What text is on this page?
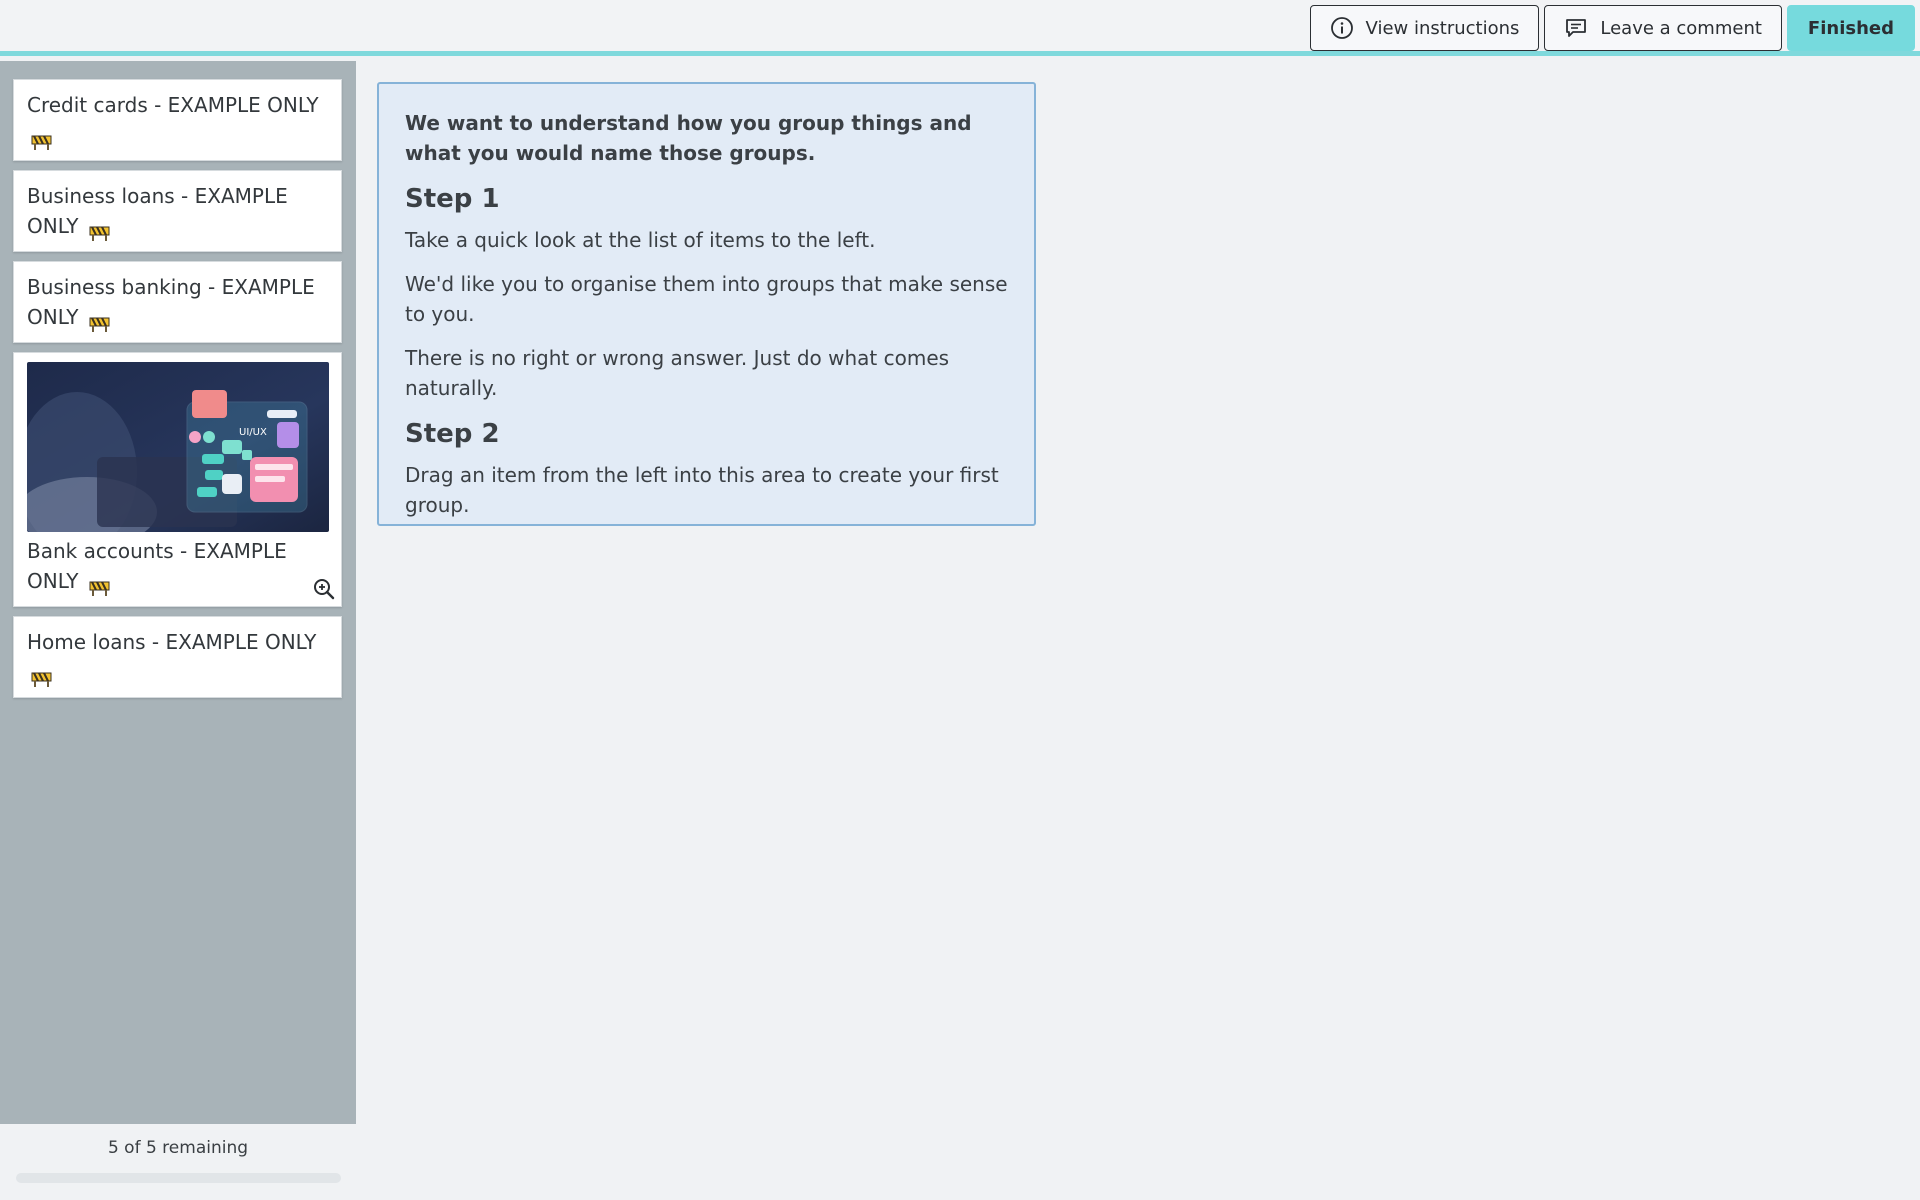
View instructions	Leave a comment	Finished
Credit cards - EXAMPLE ONLY
Business loans - EXAMPLE ONLY
Business banking - EXAMPLE ONLY
UI/UX
Bank accounts - EXAMPLE ONLY
Home loans - EXAMPLE ONLY
5 of 5 remaining

We want to understand how you group things and what you would name those groups.

Step 1

Take a quick look at the list of items to the left.

We'd like you to organise them into groups that make sense to you.

There is no right or wrong answer. Just do what comes naturally.

Step 2

Drag an item from the left into this area to create your first group.
